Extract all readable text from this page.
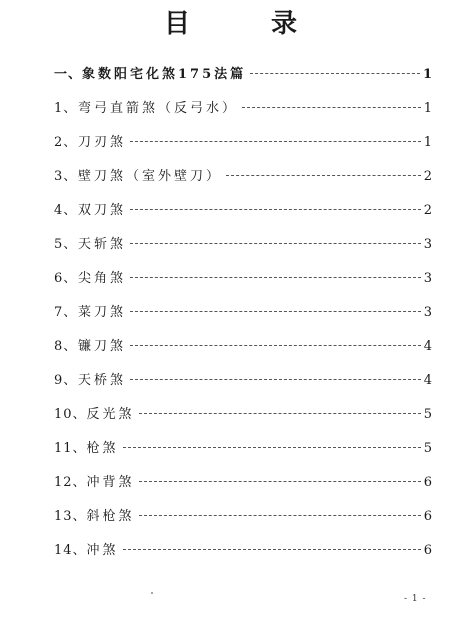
目 录
一、 象数阳宅化煞175法篇	1
1、 弯弓直箭煞（反弓水）	1
2、 刀刃煞	1
3、 壁刀煞（室外壁刀）	2
4、 双刀煞	2
5、 天斩煞	3
6、 尖角煞	3
7、 菜刀煞	3
8、 镰刀煞	4
9、 天桥煞	4
10、 反光煞	5
11、 枪煞	5
12、 冲背煞	6
13、 斜枪煞	6
14、 冲煞	6
- 1 -
